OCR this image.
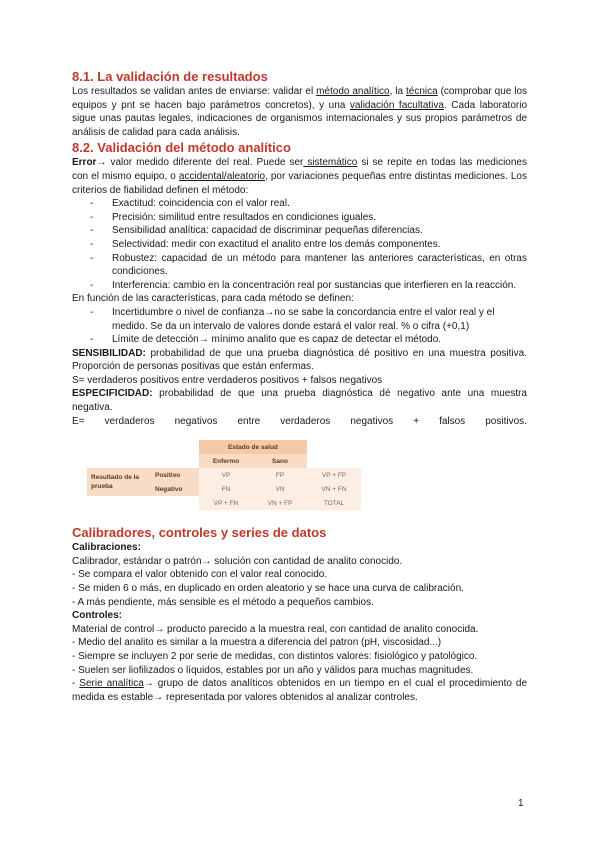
8.1. La validación de resultados

Los resultados se validan antes de enviarse: validar el método analítico, la técnica (comprobar que los equipos y pnt se hacen bajo parámetros concretos), y una validación facultativa. Cada laboratorio sigue unas pautas legales, indicaciones de organismos internacionales y sus propios parámetros de análisis de calidad para cada análisis.

8.2. Validación del método analítico

Error→ valor medido diferente del real. Puede ser sistemático si se repite en todas las mediciones con el mismo equipo, o accidental/aleatorio, por variaciones pequeñas entre distintas mediciones. Los criterios de fiabilidad definen el método:

- Exactitud: coincidencia con el valor real.
- Precisión: similitud entre resultados en condiciones iguales.
- Sensibilidad analítica: capacidad de discriminar pequeñas diferencias.
- Selectividad: medir con exactitud el analito entre los demás componentes.
- Robustez: capacidad de un método para mantener las anteriores características, en otras condiciones.
- Interferencia: cambio en la concentración real por sustancias que interfieren en la reacción.

En función de las características, para cada método se definen:

- Incertidumbre o nivel de confianza→no se sabe la concordancia entre el valor real y el medido. Se da un intervalo de valores donde estará el valor real. % o cifra (+0,1)
- Límite de detección→ mínimo analito que es capaz de detectar el método.

SENSIBILIDAD: probabilidad de que una prueba diagnóstica dé positivo en una muestra positiva. Proporción de personas positivas que están enfermas.

S= verdaderos positivos entre verdaderos positivos + falsos negativos

ESPECIFICIDAD: probabilidad de que una prueba diagnóstica dé negativo ante una muestra negativa.

E= verdaderos negativos entre verdaderos negativos + falsos positivos.
		Estado de salud		
		Enfermo	Sano	
Resultado de la prueba	Positivo	VP	FP	VP + FP
	Negativo	FN	VN	VN + FN
		VP + FN	VN + FP	TOTAL
Calibradores, controles y series de datos

Calibraciones:

Calibrador, estándar o patrón→ solución con cantidad de analito conocido.

- Se compara el valor obtenido con el valor real conocido.

- Se miden 6 o más, en duplicado en orden aleatorio y se hace una curva de calibración.

- A más pendiente, más sensible es el método a pequeños cambios.

Controles:

Material de control→ producto parecido a la muestra real, con cantidad de analito conocida.

- Medio del analito es similar a la muestra a diferencia del patron (pH, viscosidad...)

- Siempre se incluyen 2 por serie de medidas, con distintos valores: fisiológico y patológico.

- Suelen ser liofilizados o líquidos, estables por un año y válidos para muchas magnitudes.

- Serie analítica→ grupo de datos analíticos obtenidos en un tiempo en el cual el procedimiento de medida es estable→ representada por valores obtenidos al analizar controles.

1
